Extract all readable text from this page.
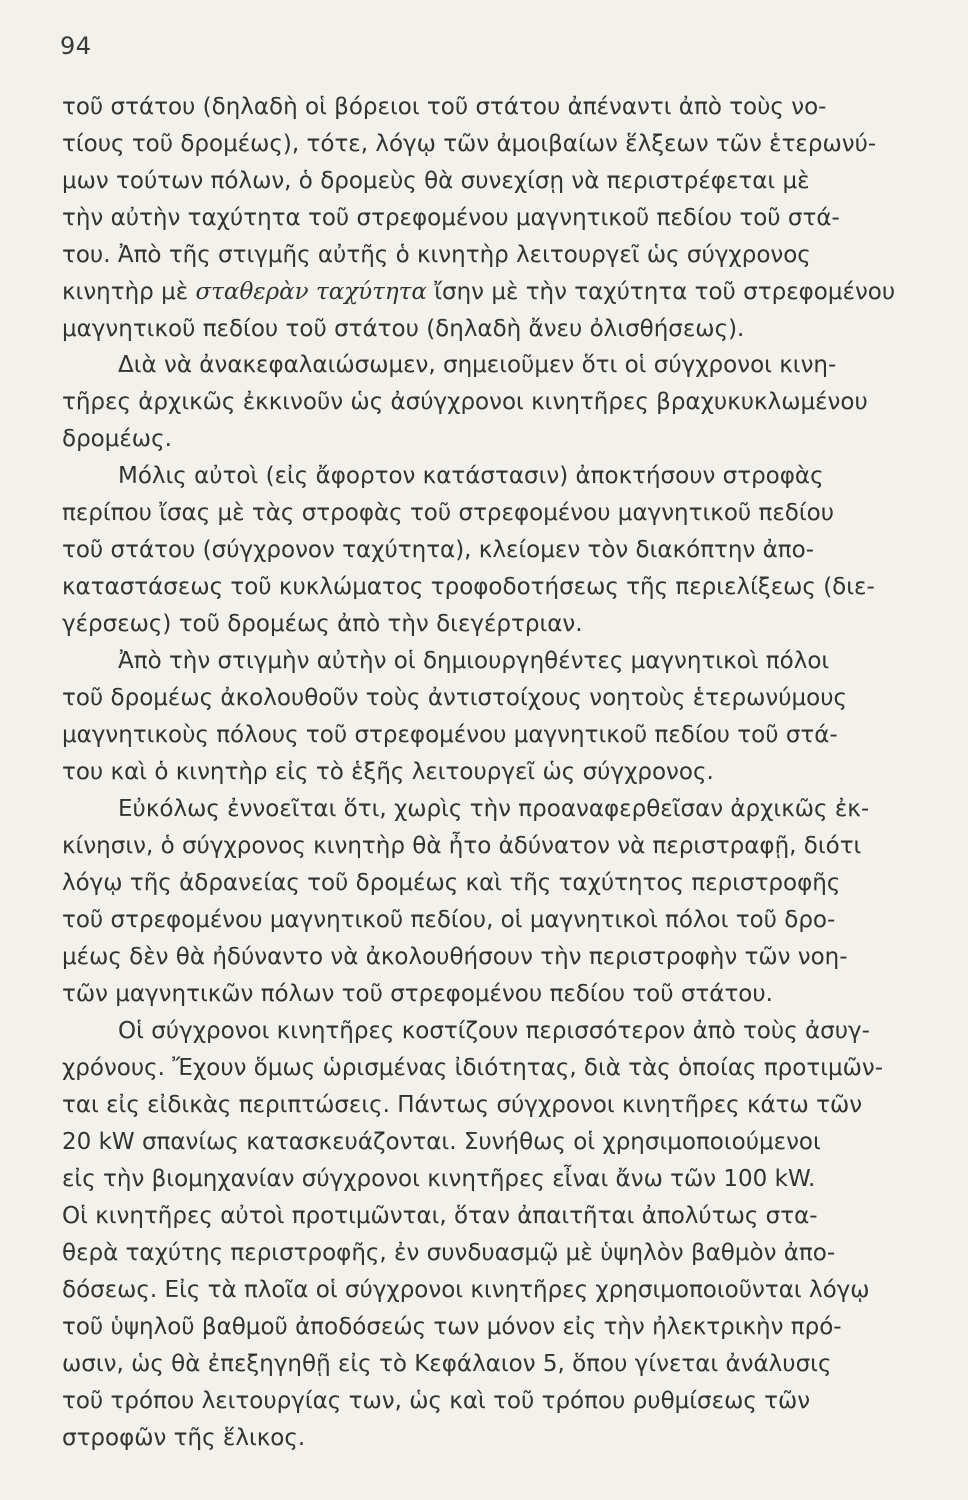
94
τοῦ στάτου (δηλαδὴ οἱ βόρειοι τοῦ στάτου ἀπέναντι ἀπὸ τοὺς νο-
τίους τοῦ δρομέως), τότε, λόγῳ τῶν ἀμοιβαίων ἕλξεων τῶν ἑτερωνύ-
μων τούτων πόλων, ὁ δρομεὺς θὰ συνεχίσῃ νὰ περιστρέφεται μὲ
τὴν αὐτὴν ταχύτητα τοῦ στρεφομένου μαγνητικοῦ πεδίου τοῦ στά-
του. Ἀπὸ τῆς στιγμῆς αὐτῆς ὁ κινητὴρ λειτουργεῖ ὡς σύγχρονος
κινητὴρ μὲ σταθερὰν ταχύτητα ἴσην μὲ τὴν ταχύτητα τοῦ στρεφομένου
μαγνητικοῦ πεδίου τοῦ στάτου (δηλαδὴ ἄνευ ὀλισθήσεως).
Διὰ νὰ ἀνακεφαλαιώσωμεν, σημειοῦμεν ὅτι οἱ σύγχρονοι κινη-
τῆρες ἀρχικῶς ἐκκινοῦν ὡς ἀσύγχρονοι κινητῆρες βραχυκυκλωμένου
δρομέως.
Μόλις αὐτοὶ (εἰς ἄφορτον κατάστασιν) ἀποκτήσουν στροφὰς
περίπου ἴσας μὲ τὰς στροφὰς τοῦ στρεφομένου μαγνητικοῦ πεδίου
τοῦ στάτου (σύγχρονον ταχύτητα), κλείομεν τὸν διακόπτην ἀπο-
καταστάσεως τοῦ κυκλώματος τροφοδοτήσεως τῆς περιελίξεως (διε-
γέρσεως) τοῦ δρομέως ἀπὸ τὴν διεγέρτριαν.
Ἀπὸ τὴν στιγμὴν αὐτὴν οἱ δημιουργηθέντες μαγνητικοὶ πόλοι
τοῦ δρομέως ἀκολουθοῦν τοὺς ἀντιστοίχους νοητοὺς ἑτερωνύμους
μαγνητικοὺς πόλους τοῦ στρεφομένου μαγνητικοῦ πεδίου τοῦ στά-
του καὶ ὁ κινητὴρ εἰς τὸ ἑξῆς λειτουργεῖ ὡς σύγχρονος.
Εὐκόλως ἐννοεῖται ὅτι, χωρὶς τὴν προαναφερθεῖσαν ἀρχικῶς ἐκ-
κίνησιν, ὁ σύγχρονος κινητὴρ θὰ ἦτο ἀδύνατον νὰ περιστραφῇ, διότι
λόγῳ τῆς ἀδρανείας τοῦ δρομέως καὶ τῆς ταχύτητος περιστροφῆς
τοῦ στρεφομένου μαγνητικοῦ πεδίου, οἱ μαγνητικοὶ πόλοι τοῦ δρο-
μέως δὲν θὰ ἠδύναντο νὰ ἀκολουθήσουν τὴν περιστροφὴν τῶν νοη-
τῶν μαγνητικῶν πόλων τοῦ στρεφομένου πεδίου τοῦ στάτου.
Οἱ σύγχρονοι κινητῆρες κοστίζουν περισσότερον ἀπὸ τοὺς ἀσυγ-
χρόνους. Ἔχουν ὅμως ὡρισμένας ἰδιότητας, διὰ τὰς ὁποίας προτιμῶν-
ται εἰς εἰδικὰς περιπτώσεις. Πάντως σύγχρονοι κινητῆρες κάτω τῶν
20 kW σπανίως κατασκευάζονται. Συνήθως οἱ χρησιμοποιούμενοι
εἰς τὴν βιομηχανίαν σύγχρονοι κινητῆρες εἶναι ἄνω τῶν 100 kW.
Οἱ κινητῆρες αὐτοὶ προτιμῶνται, ὅταν ἀπαιτῆται ἀπολύτως στα-
θερὰ ταχύτης περιστροφῆς, ἐν συνδυασμῷ μὲ ὑψηλὸν βαθμὸν ἀπο-
δόσεως. Εἰς τὰ πλοῖα οἱ σύγχρονοι κινητῆρες χρησιμοποιοῦνται λόγῳ
τοῦ ὑψηλοῦ βαθμοῦ ἀποδόσεώς των μόνον εἰς τὴν ἠλεκτρικὴν πρό-
ωσιν, ὡς θὰ ἐπεξηγηθῇ εἰς τὸ Κεφάλαιον 5, ὅπου γίνεται ἀνάλυσις
τοῦ τρόπου λειτουργίας των, ὡς καὶ τοῦ τρόπου ρυθμίσεως τῶν
στροφῶν τῆς ἕλικος.
